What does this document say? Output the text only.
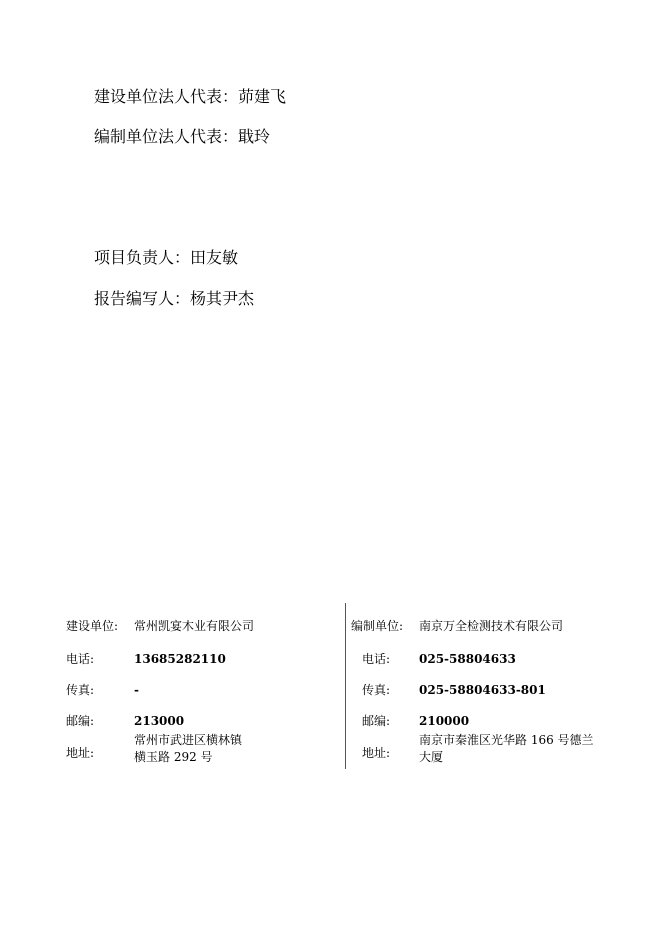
建设单位法人代表：茆建飞
编制单位法人代表：戢玲
项目负责人：田友敏
报告编写人：杨其尹杰
建设单位: 常州凯宴木业有限公司
电话:	13685282110
传真:	-
邮编:	213000
地址:
常州市武进区横林镇
横玉路 292 号
编制单位: 南京万全检测技术有限公司
电话: 025-58804633
传真: 025-58804633-801
邮编: 210000
地址:
南京市秦淮区光华路 166 号德兰
大厦
